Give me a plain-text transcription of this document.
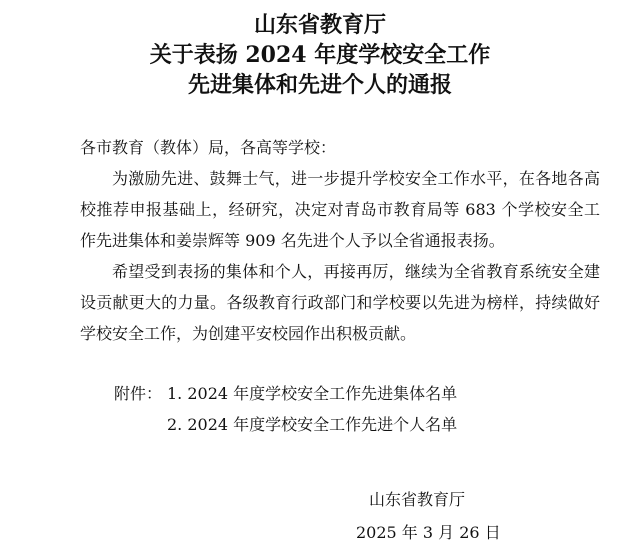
山东省教育厅
关于表扬 2024 年度学校安全工作
先进集体和先进个人的通报
各市教育（教体）局，各高等学校：

为激励先进、鼓舞士气，进一步提升学校安全工作水平，在各地各高校推荐申报基础上，经研究，决定对青岛市教育局等 683 个学校安全工作先进集体和姜崇辉等 909 名先进个人予以全省通报表扬。

希望受到表扬的集体和个人，再接再厉，继续为全省教育系统安全建设贡献更大的力量。各级教育行政部门和学校要以先进为榜样，持续做好学校安全工作，为创建平安校园作出积极贡献。

附件： 1. 2024 年度学校安全工作先进集体名单
2. 2024 年度学校安全工作先进个人名单
山东省教育厅
2025 年 3 月 26 日
